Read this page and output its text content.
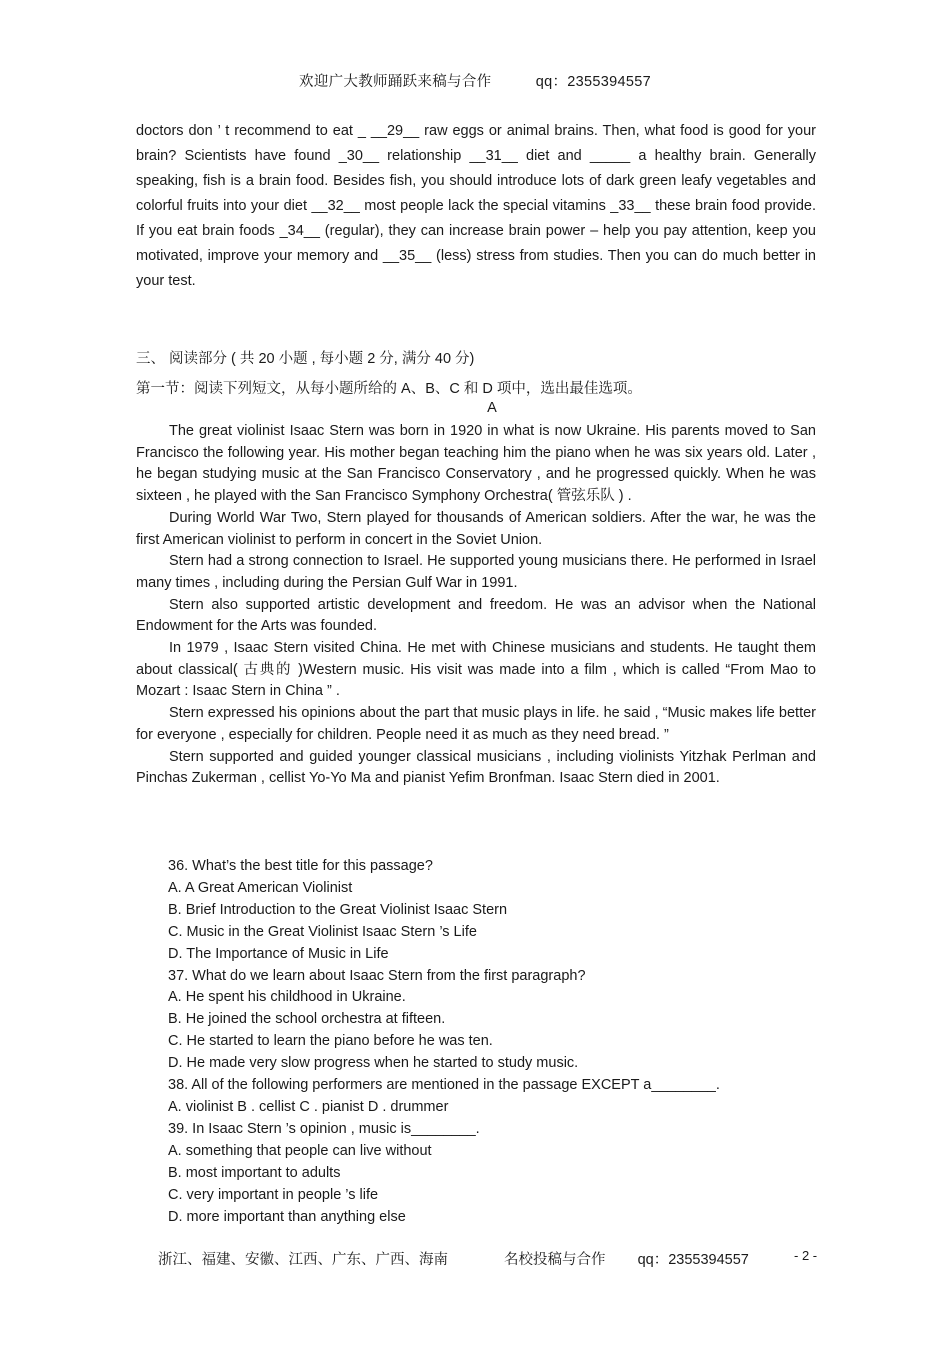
欢迎广大教师踊跃来稿与合作	qq：2355394557

doctors don ’ t recommend to eat _ __29__ raw eggs or animal brains. Then, what food is good for your brain? Scientists have found _30__ relationship __31__ diet and _____ a healthy brain. Generally speaking, fish is a brain food. Besides fish, you should introduce lots of dark green leafy vegetables and colorful fruits into your diet __32__ most people lack the special vitamins _33__ these brain food provide. If you eat brain foods _34__ (regular), they can increase brain power – help you pay attention, keep you motivated, improve your memory and __35__ (less) stress from studies. Then you can do much better in your test.

三、 阅读部分 ( 共 20 小题 , 每小题 2 分, 满分 40 分)
第一节：阅读下列短文，从每小题所给的 A、B、C 和 D 项中，选出最佳选项。
A

The great violinist Isaac Stern was born in 1920 in what is now Ukraine. His parents moved to San Francisco the following year. His mother began teaching him the piano when he was six years old. Later , he began studying music at the San Francisco Conservatory , and he progressed quickly. When he was sixteen , he played with the San Francisco Symphony Orchestra( 管弦乐队 ) .

During World War Two, Stern played for thousands of American soldiers. After the war, he was the first American violinist to perform in concert in the Soviet Union.

Stern had a strong connection to Israel. He supported young musicians there. He performed in Israel many times , including during the Persian Gulf War in 1991.

Stern also supported artistic development and freedom. He was an advisor when the National Endowment for the Arts was founded.

In 1979 , Isaac Stern visited China. He met with Chinese musicians and students. He taught them about classical( 古典的 )Western music. His visit was made into a film , which is called “From Mao to Mozart : Isaac Stern in China ” .

Stern expressed his opinions about the part that music plays in life. he said , “Music makes life better for everyone , especially for children. People need it as much as they need bread. ”

Stern supported and guided younger classical musicians , including violinists Yitzhak Perlman and Pinchas Zukerman , cellist Yo-Yo Ma and pianist Yefim Bronfman. Isaac Stern died in 2001.

36. What’s the best title for this passage?

A. A Great American Violinist

B. Brief Introduction to the Great Violinist Isaac Stern

C. Music in the Great Violinist Isaac Stern ’s Life

D. The Importance of Music in Life

37. What do we learn about Isaac Stern from the first paragraph?

A. He spent his childhood in Ukraine.

B. He joined the school orchestra at fifteen.

C. He started to learn the piano before he was ten.

D. He made very slow progress when he started to study music.

38. All of the following performers are mentioned in the passage EXCEPT a________.

A. violinist B . cellist C . pianist D . drummer

39. In Isaac Stern ’s opinion , music is________.

A. something that people can live without

B. most important to adults

C. very important in people ’s life

D. more important than anything else

浙江、福建、安徽、江西、广东、广西、海南	名校投稿与合作 qq：2355394557	- 2 -
